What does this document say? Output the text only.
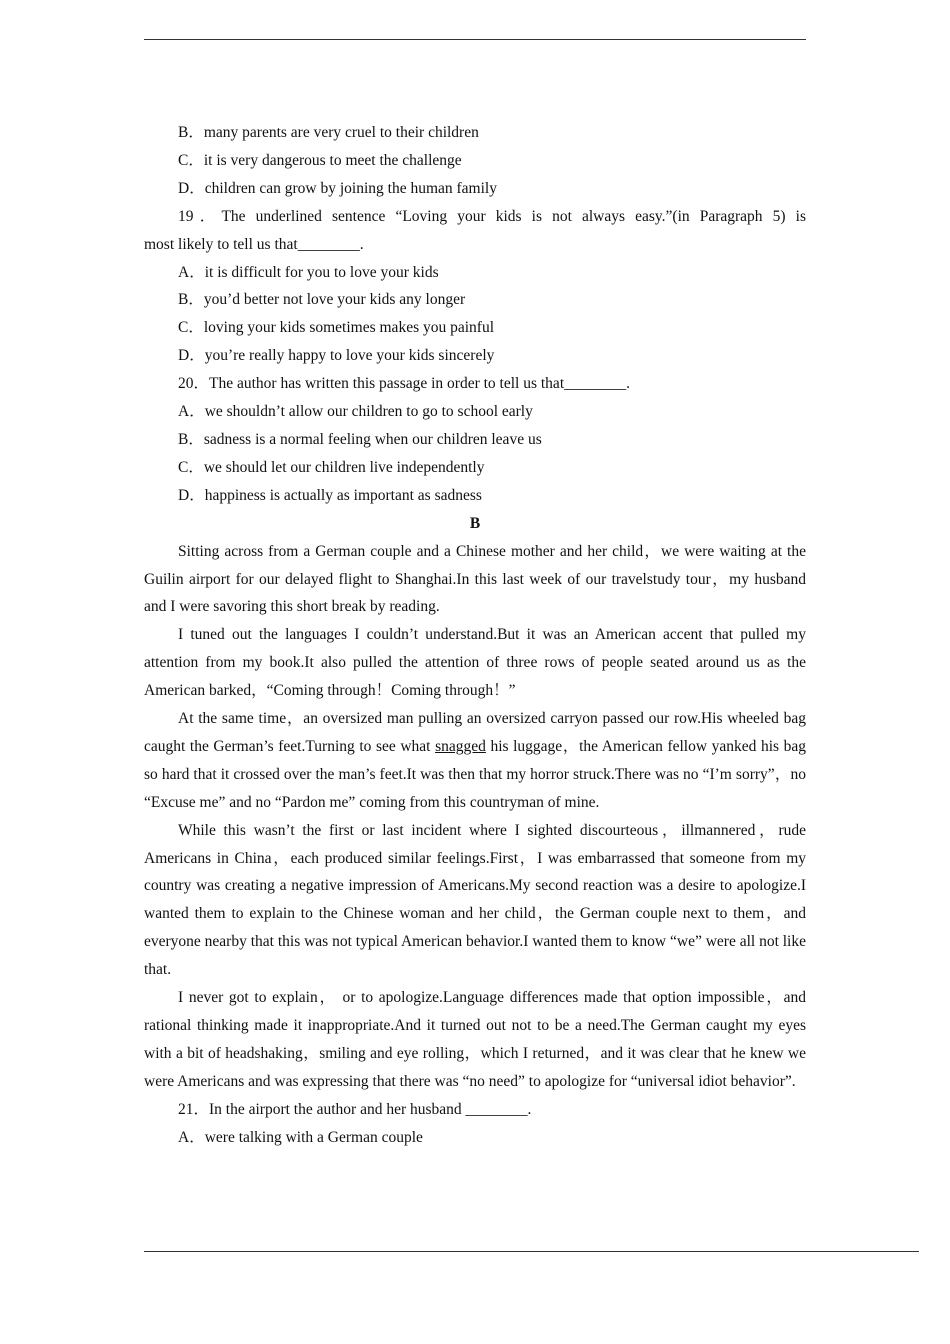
B．many parents are very cruel to their children

C．it is very dangerous to meet the challenge

D．children can grow by joining the human family

19．The underlined sentence “Loving your kids is not always easy.”(in Paragraph 5) is

most likely to tell us that________.

A．it is difficult for you to love your kids

B．you’d better not love your kids any longer

C．loving your kids sometimes makes you painful

D．you’re really happy to love your kids sincerely

20．The author has written this passage in order to tell us that________.

A．we shouldn’t allow our children to go to school early

B．sadness is a normal feeling when our children leave us

C．we should let our children live independently

D．happiness is actually as important as sadness

B

Sitting across from a German couple and a Chinese mother and her child，we were waiting at the Guilin airport for our delayed flight to Shanghai.In this last week of our travelstudy tour，my husband and I were savoring this short break by reading.

I tuned out the languages I couldn’t understand.But it was an American accent that pulled my attention from my book.It also pulled the attention of three rows of people seated around us as the American barked，“Coming through！Coming through！”

At the same time，an oversized man pulling an oversized carryon passed our row.His wheeled bag caught the German’s feet.Turning to see what snagged his luggage，the American fellow yanked his bag so hard that it crossed over the man’s feet.It was then that my horror struck.There was no “I’m sorry”，no “Excuse me” and no “Pardon me” coming from this countryman of mine.

While this wasn’t the first or last incident where I sighted discourteous，illmannered，rude Americans in China，each produced similar feelings.First，I was embarrassed that someone from my country was creating a negative impression of Americans.My second reaction was a desire to apologize.I wanted them to explain to the Chinese woman and her child，the German couple next to them，and everyone nearby that this was not typical American behavior.I wanted them to know “we” were all not like that.

I never got to explain， or to apologize.Language differences made that option impossible，and rational thinking made it inappropriate.And it turned out not to be a need.The German caught my eyes with a bit of headshaking，smiling and eye rolling，which I returned，and it was clear that he knew we were Americans and was expressing that there was “no need” to apologize for “universal idiot behavior”.

21．In the airport the author and her husband ________.

A．were talking with a German couple
